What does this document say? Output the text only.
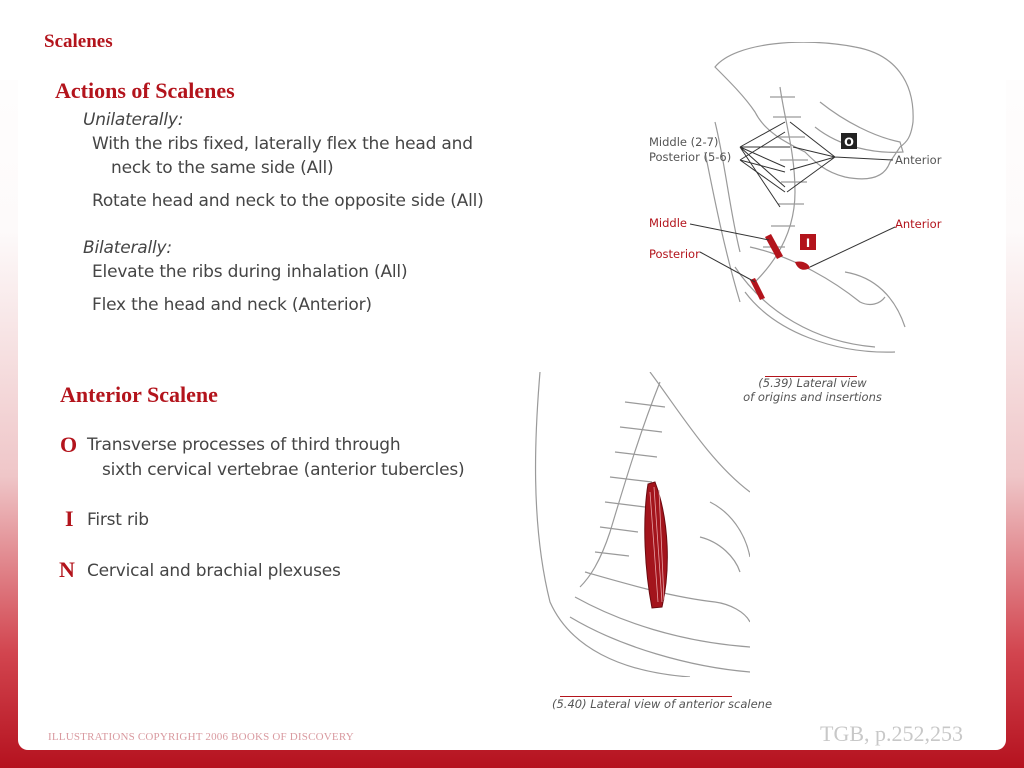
Scalenes
Actions of Scalenes
Unilaterally:
With the ribs fixed, laterally flex the head and
neck to the same side (All)
Rotate head and neck to the opposite side (All)
Bilaterally:
Elevate the ribs during inhalation (All)
Flex the head and neck (Anterior)
Anterior Scalene
O Transverse processes of third through
sixth cervical vertebrae (anterior tubercles)
I First rib
N Cervical and brachial plexuses
O
I
Middle (2-7)
Posterior (5-6)	Anterior
Middle
Posterior
Anterior
(5.39) Lateral view
of origins and insertions
(5.40) Lateral view of anterior scalene
ILLUSTRATIONS COPYRIGHT 2006 BOOKS OF DISCOVERY	TGB, p.252,253
